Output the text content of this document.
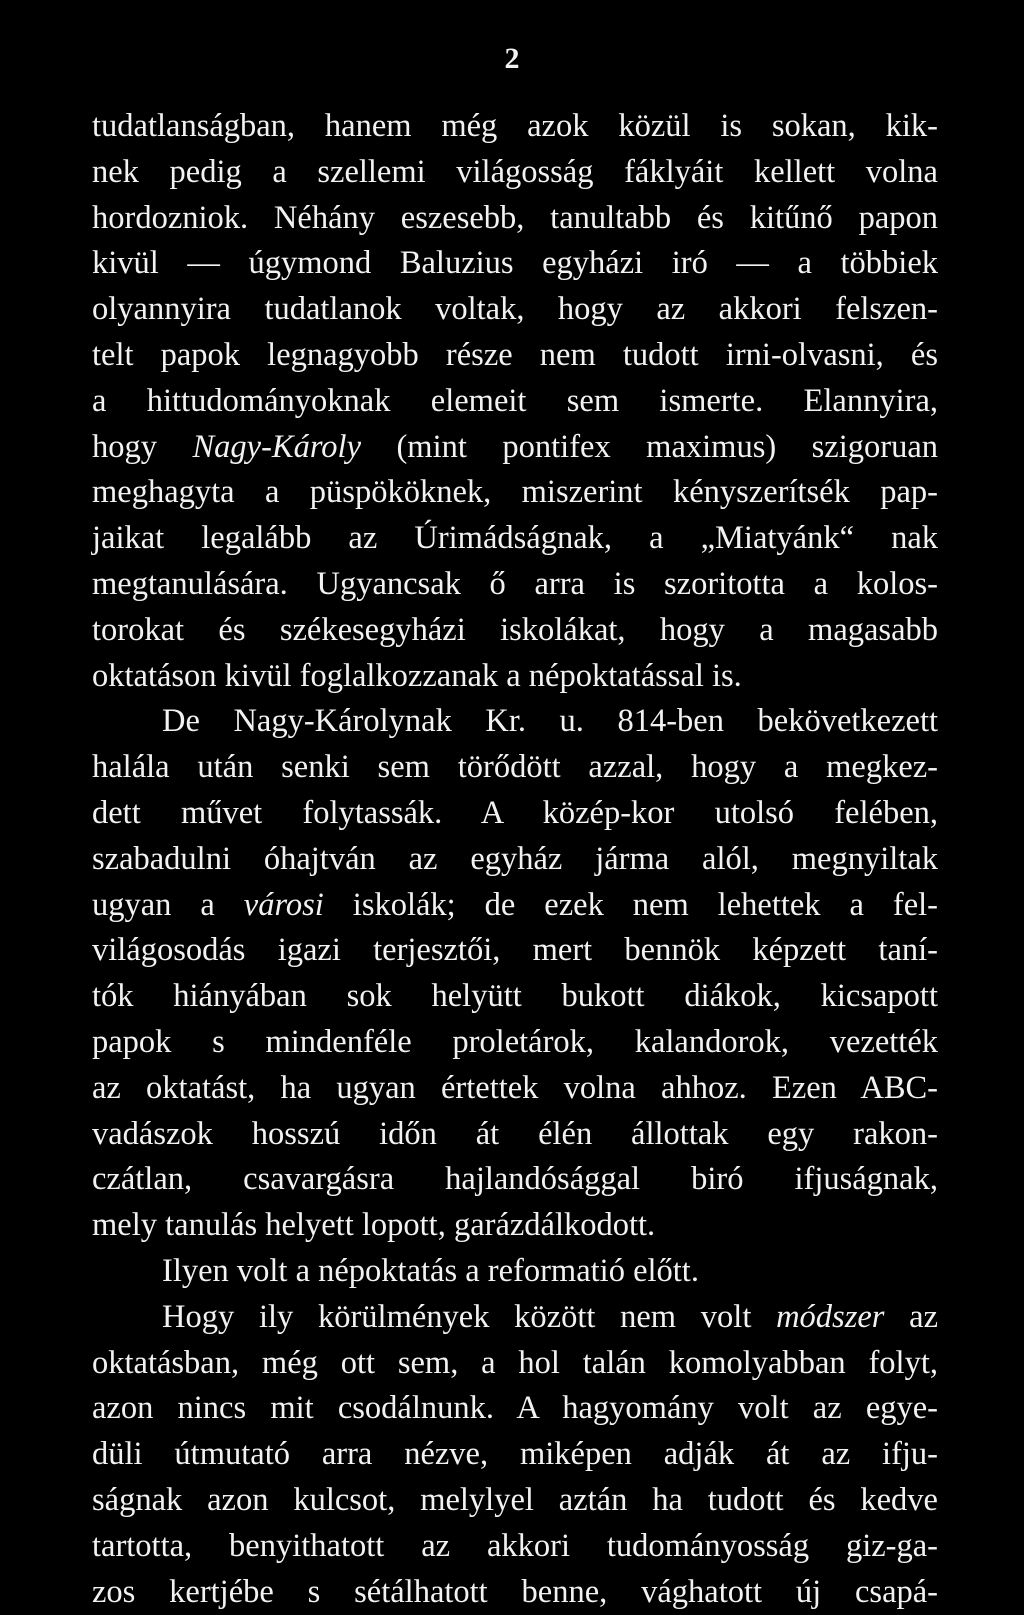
2
tudatlanságban, hanem még azok közül is sokan, kik-
nek pedig a szellemi világosság fáklyáit kellett volna
hordozniok. Néhány eszesebb, tanultabb és kitűnő papon
kivül — úgymond Baluzius egyházi iró — a többiek
olyannyira tudatlanok voltak, hogy az akkori felszen-
telt papok legnagyobb része nem tudott irni-olvasni, és
a hittudományoknak elemeit sem ismerte. Elannyira,
hogy Nagy-Károly (mint pontifex maximus) szigoruan
meghagyta a püspököknek, miszerint kényszerítsék pap-
jaikat legalább az Úrimádságnak, a „Miatyánk“ nak
megtanulására. Ugyancsak ő arra is szoritotta a kolos-
torokat és székesegyházi iskolákat, hogy a magasabb
oktatáson kivül foglalkozzanak a népoktatással is.
De Nagy-Károlynak Kr. u. 814-ben bekövetkezett
halála után senki sem törődött azzal, hogy a megkez-
dett művet folytassák. A közép-kor utolsó felében,
szabadulni óhajtván az egyház járma alól, megnyiltak
ugyan a városi iskolák; de ezek nem lehettek a fel-
világosodás igazi terjesztői, mert bennök képzett taní-
tók hiányában sok helyütt bukott diákok, kicsapott
papok s mindenféle proletárok, kalandorok, vezették
az oktatást, ha ugyan értettek volna ahhoz. Ezen ABC-
vadászok hosszú időn át élén állottak egy rakon-
czátlan, csavargásra hajlandósággal biró ifjuságnak,
mely tanulás helyett lopott, garázdálkodott.
Ilyen volt a népoktatás a reformatió előtt.
Hogy ily körülmények között nem volt módszer az
oktatásban, még ott sem, a hol talán komolyabban folyt,
azon nincs mit csodálnunk. A hagyomány volt az egye-
düli útmutató arra nézve, miképen adják át az ifju-
ságnak azon kulcsot, melylyel aztán ha tudott és kedve
tartotta, benyithatott az akkori tudományosság giz-ga-
zos kertjébe s sétálhatott benne, vághatott új csapá-
